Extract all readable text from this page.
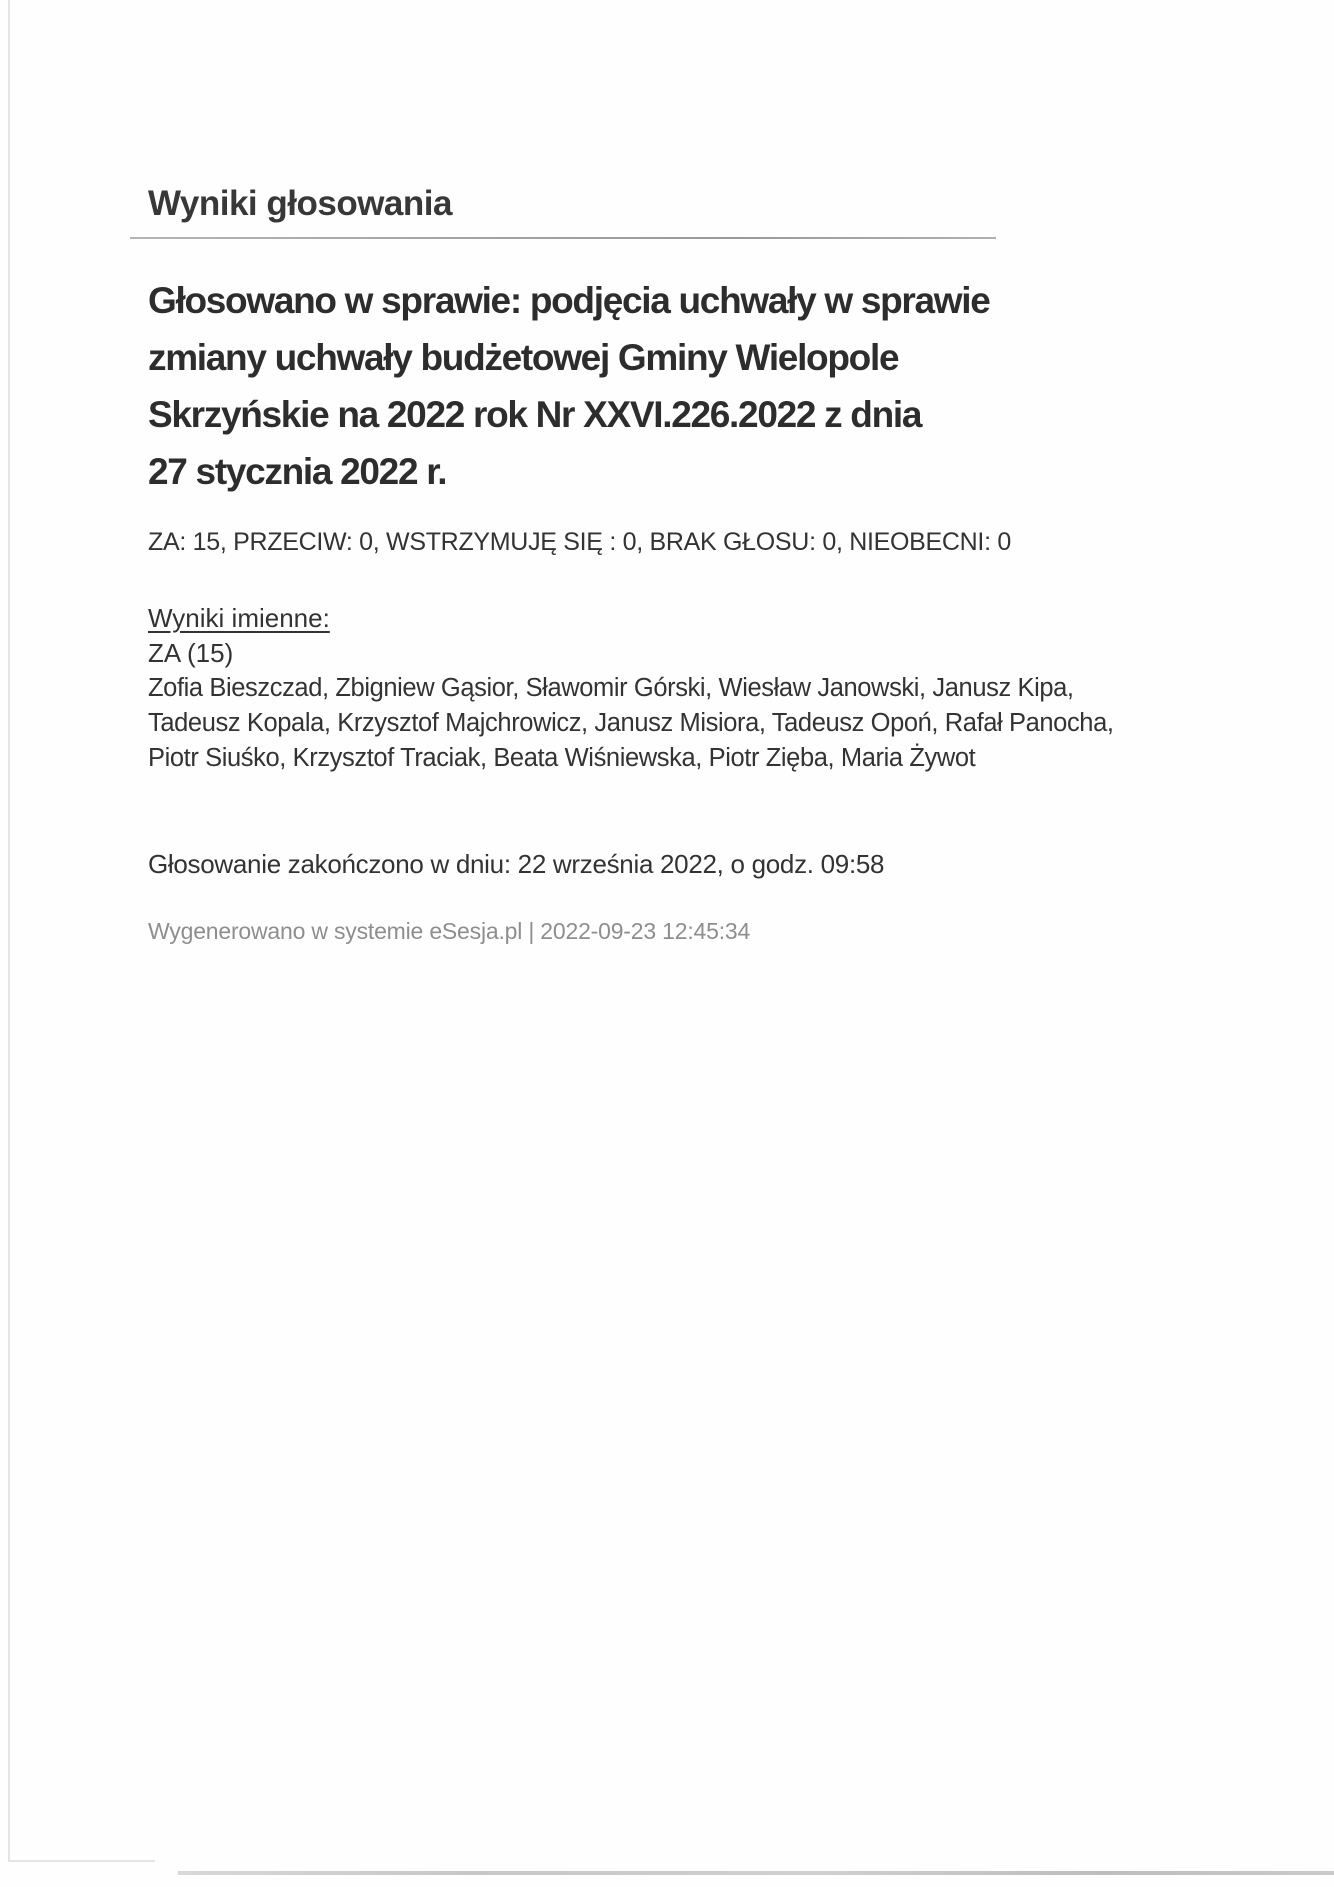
Wyniki głosowania
Głosowano w sprawie: podjęcia uchwały w sprawie
zmiany uchwały budżetowej Gminy Wielopole
Skrzyńskie na 2022 rok Nr XXVI.226.2022 z dnia
27 stycznia 2022 r.

ZA: 15, PRZECIW: 0, WSTRZYMUJĘ SIĘ : 0, BRAK GŁOSU: 0, NIEOBECNI: 0

Wyniki imienne:
ZA (15)
Zofia Bieszczad, Zbigniew Gąsior, Sławomir Górski, Wiesław Janowski, Janusz Kipa,
Tadeusz Kopala, Krzysztof Majchrowicz, Janusz Misiora, Tadeusz Opoń, Rafał Panocha,
Piotr Siuśko, Krzysztof Traciak, Beata Wiśniewska, Piotr Zięba, Maria Żywot

Głosowanie zakończono w dniu: 22 września 2022, o godz. 09:58

Wygenerowano w systemie eSesja.pl | 2022-09-23 12:45:34
